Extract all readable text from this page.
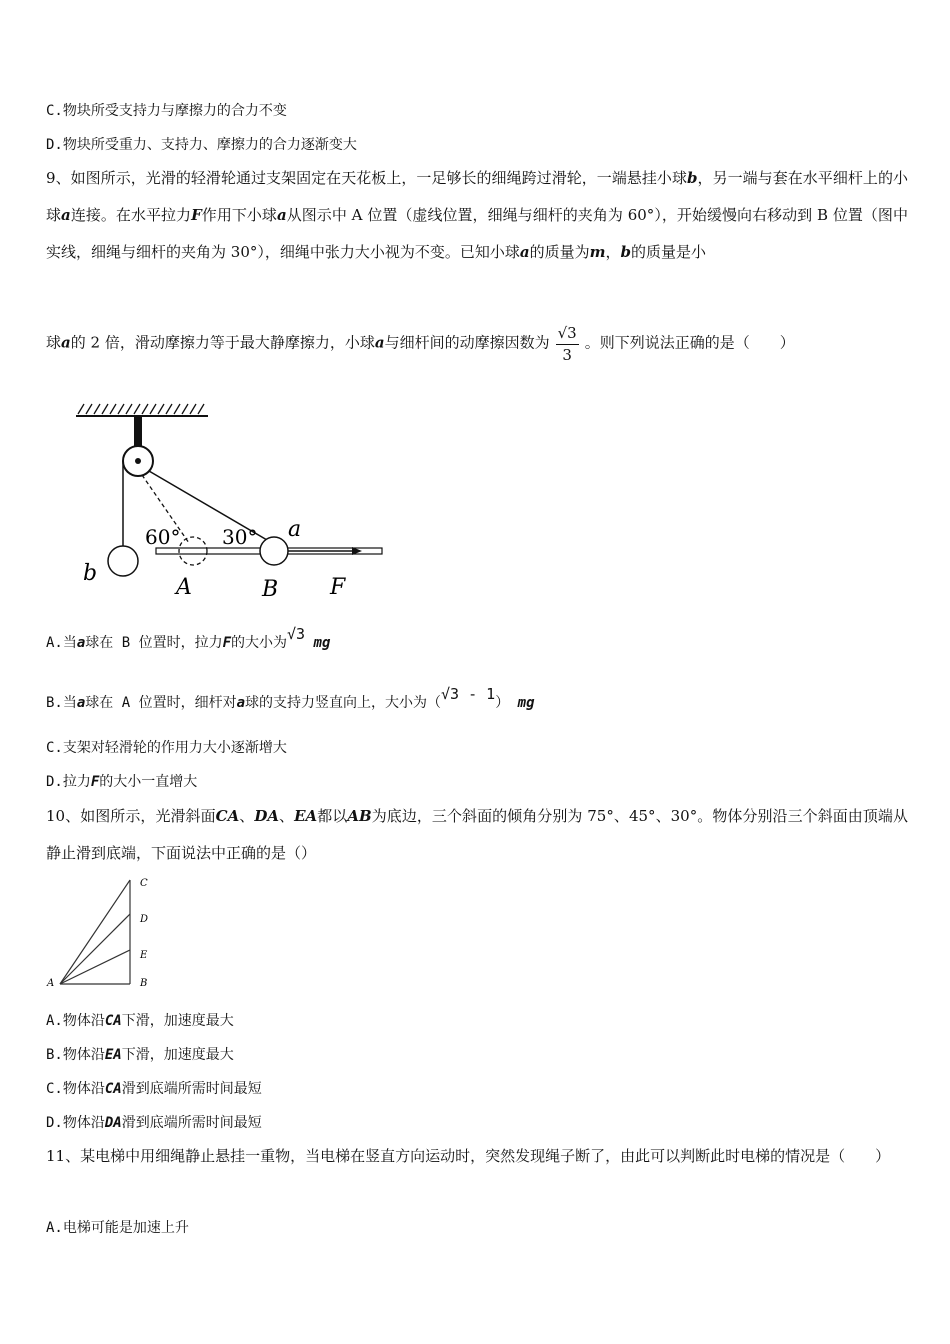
C.物块所受支持力与摩擦力的合力不变
D.物块所受重力、支持力、摩擦力的合力逐渐变大
9、如图所示，光滑的轻滑轮通过支架固定在天花板上，一足够长的细绳跨过滑轮，一端悬挂小球b，另一端与套在水平细杆上的小球a连接。在水平拉力F作用下小球a从图示中 A 位置（虚线位置，细绳与细杆的夹角为 60°），开始缓慢向右移动到 B 位置（图中实线，细绳与细杆的夹角为 30°），细绳中张力大小视为不变。已知小球a的质量为m，b的质量是小
球a的 2 倍，滑动摩擦力等于最大静摩擦力，小球a与细杆间的动摩擦因数为 $\frac{√3}{3}$ 。则下列说法正确的是（　　）
60° 30° a
b
A	B F
A.当a球在 B 位置时，拉力F的大小为√3 mg
B.当a球在 A 位置时，细杆对a球的支持力竖直向上，大小为（√3 - 1） mg
C.支架对轻滑轮的作用力大小逐渐增大
D.拉力F的大小一直增大
10、如图所示，光滑斜面CA、DA、EA都以AB为底边，三个斜面的倾角分别为 75°、45°、30°。物体分别沿三个斜面由顶端从静止滑到底端，下面说法中正确的是（）
C
D
E
A	B
A.物体沿CA下滑，加速度最大
B.物体沿EA下滑，加速度最大
C.物体沿CA滑到底端所需时间最短
D.物体沿DA滑到底端所需时间最短
11、某电梯中用细绳静止悬挂一重物，当电梯在竖直方向运动时，突然发现绳子断了，由此可以判断此时电梯的情况是（　　）
A.电梯可能是加速上升
